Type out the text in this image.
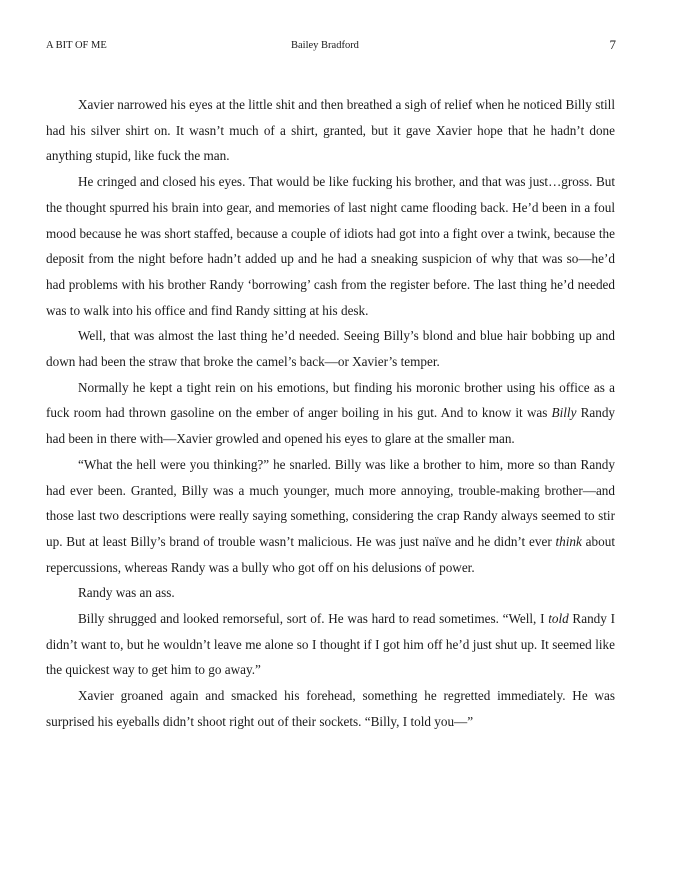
A BIT OF ME	Bailey Bradford	7

Xavier narrowed his eyes at the little shit and then breathed a sigh of relief when he noticed Billy still had his silver shirt on. It wasn’t much of a shirt, granted, but it gave Xavier hope that he hadn’t done anything stupid, like fuck the man.

He cringed and closed his eyes. That would be like fucking his brother, and that was just…gross. But the thought spurred his brain into gear, and memories of last night came flooding back. He’d been in a foul mood because he was short staffed, because a couple of idiots had got into a fight over a twink, because the deposit from the night before hadn’t added up and he had a sneaking suspicion of why that was so—he’d had problems with his brother Randy ‘borrowing’ cash from the register before. The last thing he’d needed was to walk into his office and find Randy sitting at his desk.

Well, that was almost the last thing he’d needed. Seeing Billy’s blond and blue hair bobbing up and down had been the straw that broke the camel’s back—or Xavier’s temper.

Normally he kept a tight rein on his emotions, but finding his moronic brother using his office as a fuck room had thrown gasoline on the ember of anger boiling in his gut. And to know it was Billy Randy had been in there with—Xavier growled and opened his eyes to glare at the smaller man.

“What the hell were you thinking?” he snarled. Billy was like a brother to him, more so than Randy had ever been. Granted, Billy was a much younger, much more annoying, trouble-making brother—and those last two descriptions were really saying something, considering the crap Randy always seemed to stir up. But at least Billy’s brand of trouble wasn’t malicious. He was just naïve and he didn’t ever think about repercussions, whereas Randy was a bully who got off on his delusions of power.

Randy was an ass.

Billy shrugged and looked remorseful, sort of. He was hard to read sometimes. “Well, I told Randy I didn’t want to, but he wouldn’t leave me alone so I thought if I got him off he’d just shut up. It seemed like the quickest way to get him to go away.”

Xavier groaned again and smacked his forehead, something he regretted immediately. He was surprised his eyeballs didn’t shoot right out of their sockets. “Billy, I told you—”
